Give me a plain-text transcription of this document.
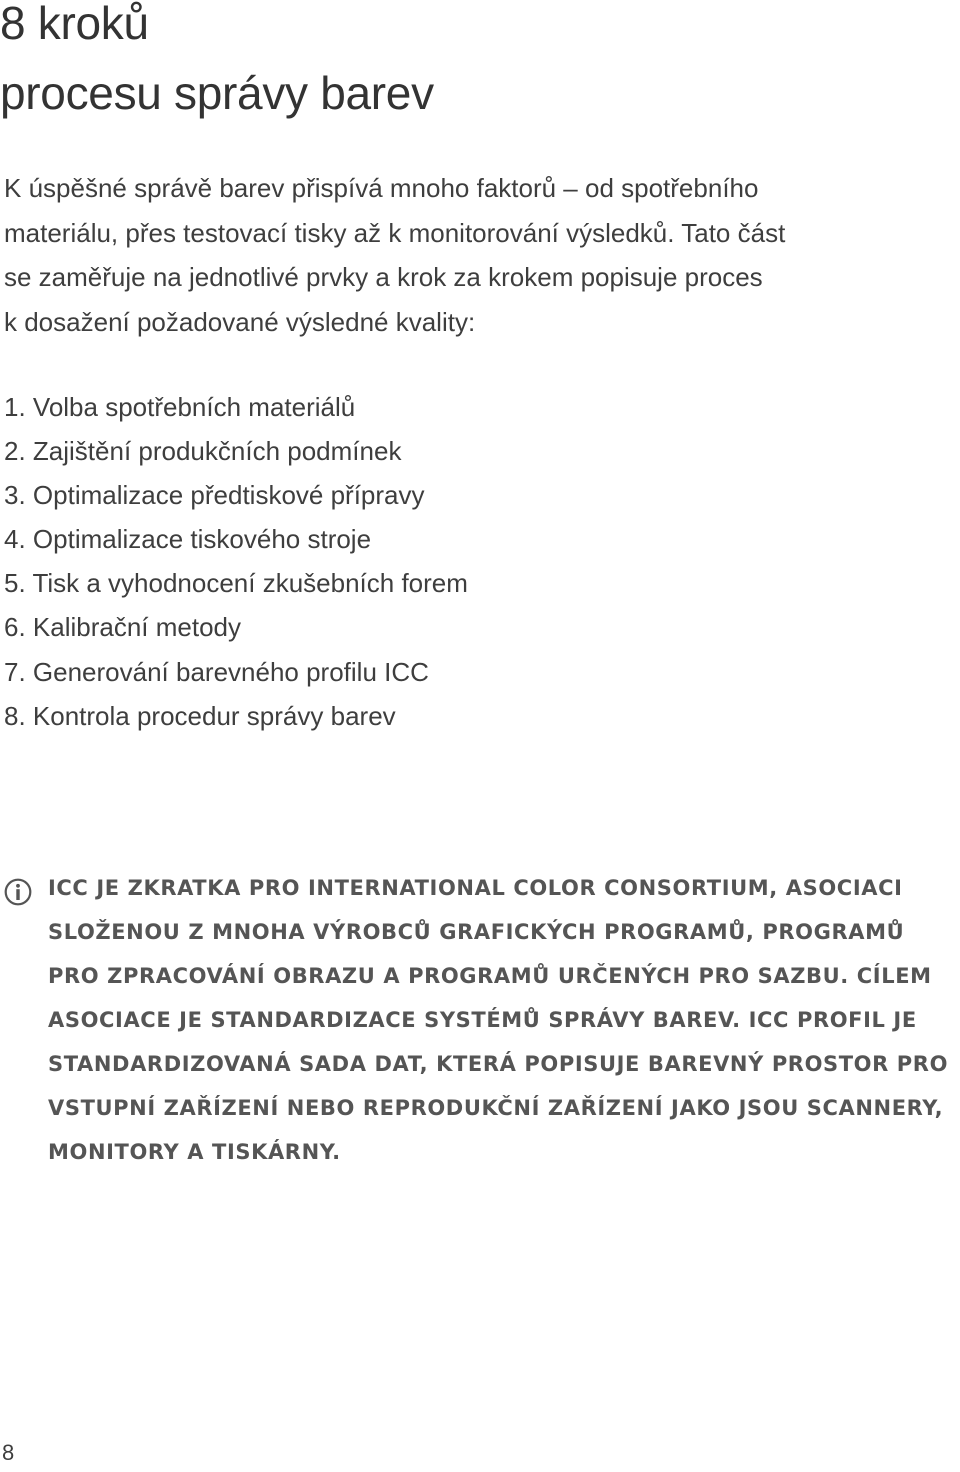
8 kroků
procesu správy barev
K úspěšné správě barev přispívá mnoho faktorů – od spotřebního
materiálu, přes testovací tisky až k monitorování výsledků. Tato část
se zaměřuje na jednotlivé prvky a krok za krokem popisuje proces
k dosažení požadované výsledné kvality:
1. Volba spotřebních materiálů
2. Zajištění produkčních podmínek
3. Optimalizace předtiskové přípravy
4. Optimalizace tiskového stroje
5. Tisk a vyhodnocení zkušebních forem
6. Kalibrační metody
7. Generování barevného profilu ICC
8. Kontrola procedur správy barev
ICC JE ZKRATKA PRO INTERNATIONAL COLOR CONSORTIUM, ASOCIACI
SLOŽENOU Z MNOHA VÝROBCŮ GRAFICKÝCH PROGRAMŮ, PROGRAMŮ
PRO ZPRACOVÁNÍ OBRAZU A PROGRAMŮ URČENÝCH PRO SAZBU. CÍLEM
ASOCIACE JE STANDARDIZACE SYSTÉMŮ SPRÁVY BAREV. ICC PROFIL JE
STANDARDIZOVANÁ SADA DAT, KTERÁ POPISUJE BAREVNÝ PROSTOR PRO
VSTUPNÍ ZAŘÍZENÍ NEBO REPRODUKČNÍ ZAŘÍZENÍ JAKO JSOU SCANNERY,
MONITORY A TISKÁRNY.
8
